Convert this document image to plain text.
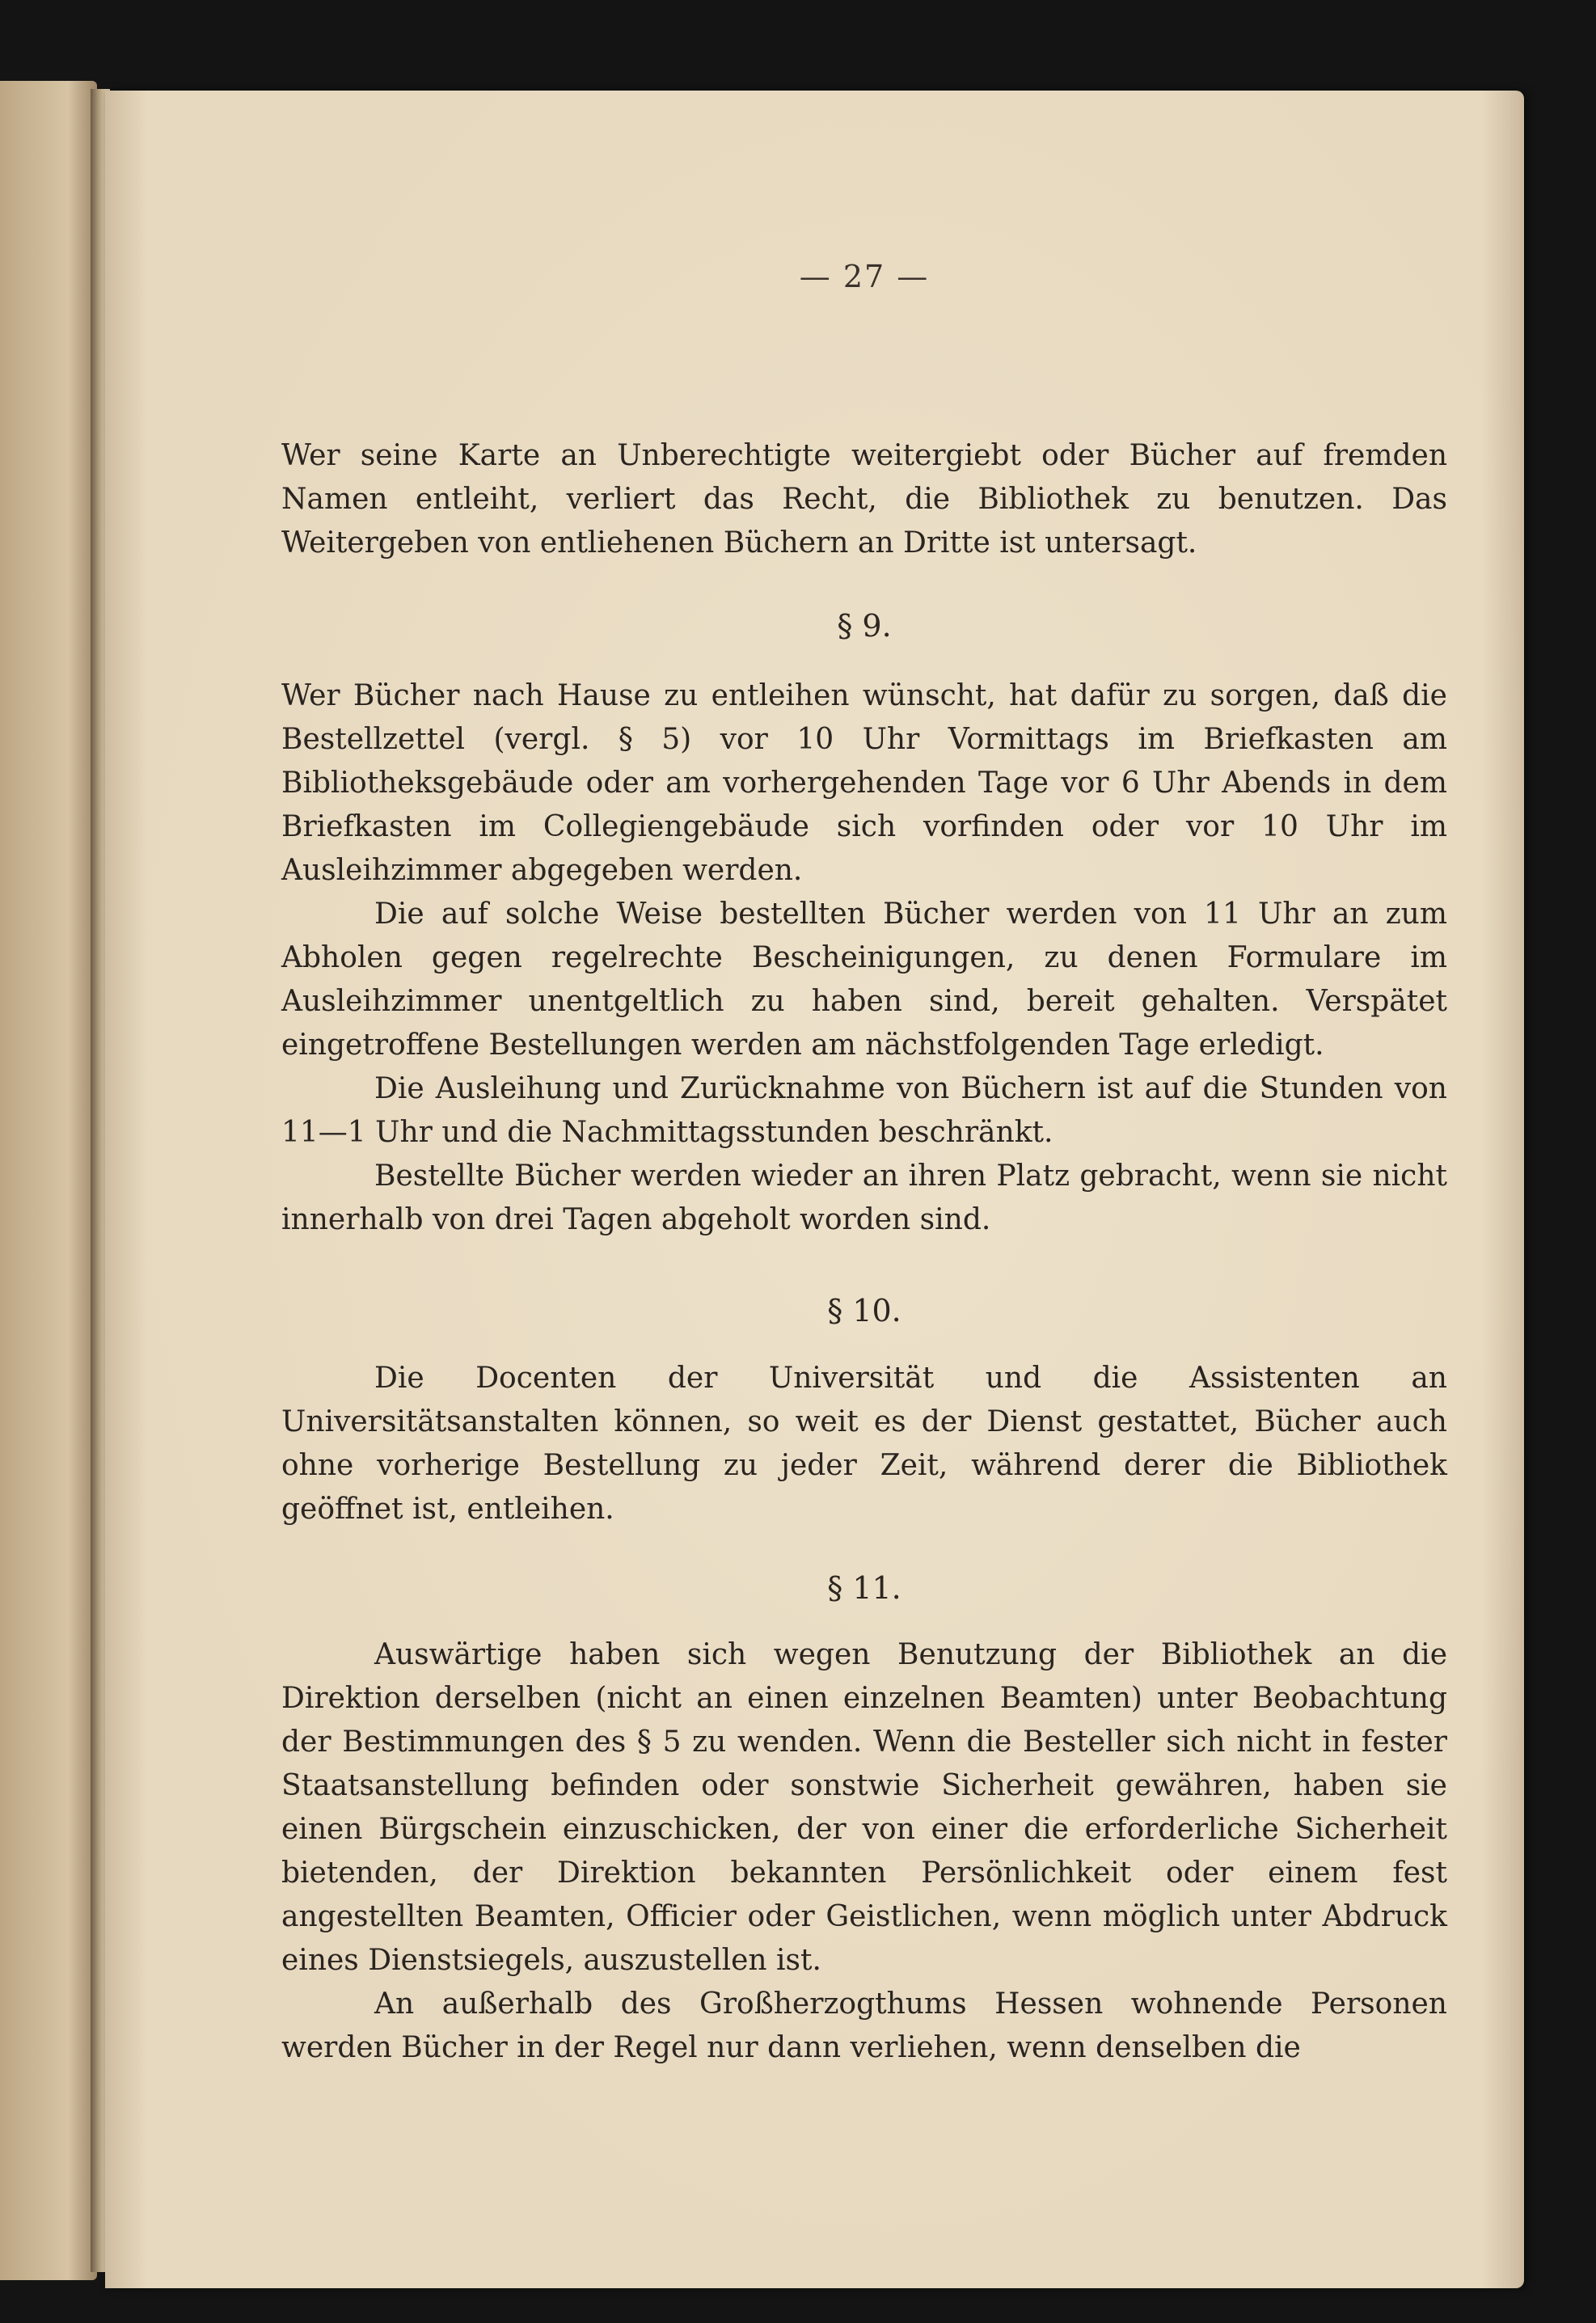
— 27 —

Wer seine Karte an Unberechtigte weitergiebt oder Bücher auf fremden Namen entleiht, verliert das Recht, die Bibliothek zu benutzen. Das Weitergeben von entliehenen Büchern an Dritte ist untersagt.

§ 9.

Wer Bücher nach Hause zu entleihen wünscht, hat dafür zu sorgen, daß die Bestellzettel (vergl. § 5) vor 10 Uhr Vormittags im Briefkasten am Bibliotheksgebäude oder am vorhergehenden Tage vor 6 Uhr Abends in dem Briefkasten im Collegiengebäude sich vorfinden oder vor 10 Uhr im Ausleihzimmer abgegeben werden.

Die auf solche Weise bestellten Bücher werden von 11 Uhr an zum Abholen gegen regelrechte Bescheinigungen, zu denen Formulare im Ausleihzimmer unentgeltlich zu haben sind, bereit gehalten. Verspätet eingetroffene Bestellungen werden am nächstfolgenden Tage erledigt.

Die Ausleihung und Zurücknahme von Büchern ist auf die Stunden von 11—1 Uhr und die Nachmittagsstunden beschränkt.

Bestellte Bücher werden wieder an ihren Platz gebracht, wenn sie nicht innerhalb von drei Tagen abgeholt worden sind.

§ 10.

Die Docenten der Universität und die Assistenten an Universitätsanstalten können, so weit es der Dienst gestattet, Bücher auch ohne vorherige Bestellung zu jeder Zeit, während derer die Bibliothek geöffnet ist, entleihen.

§ 11.

Auswärtige haben sich wegen Benutzung der Bibliothek an die Direktion derselben (nicht an einen einzelnen Beamten) unter Beobachtung der Bestimmungen des § 5 zu wenden. Wenn die Besteller sich nicht in fester Staatsanstellung befinden oder sonstwie Sicherheit gewähren, haben sie einen Bürgschein einzuschicken, der von einer die erforderliche Sicherheit bietenden, der Direktion bekannten Persönlichkeit oder einem fest angestellten Beamten, Officier oder Geistlichen, wenn möglich unter Abdruck eines Dienstsiegels, auszustellen ist.

An außerhalb des Großherzogthums Hessen wohnende Personen werden Bücher in der Regel nur dann verliehen, wenn denselben die
